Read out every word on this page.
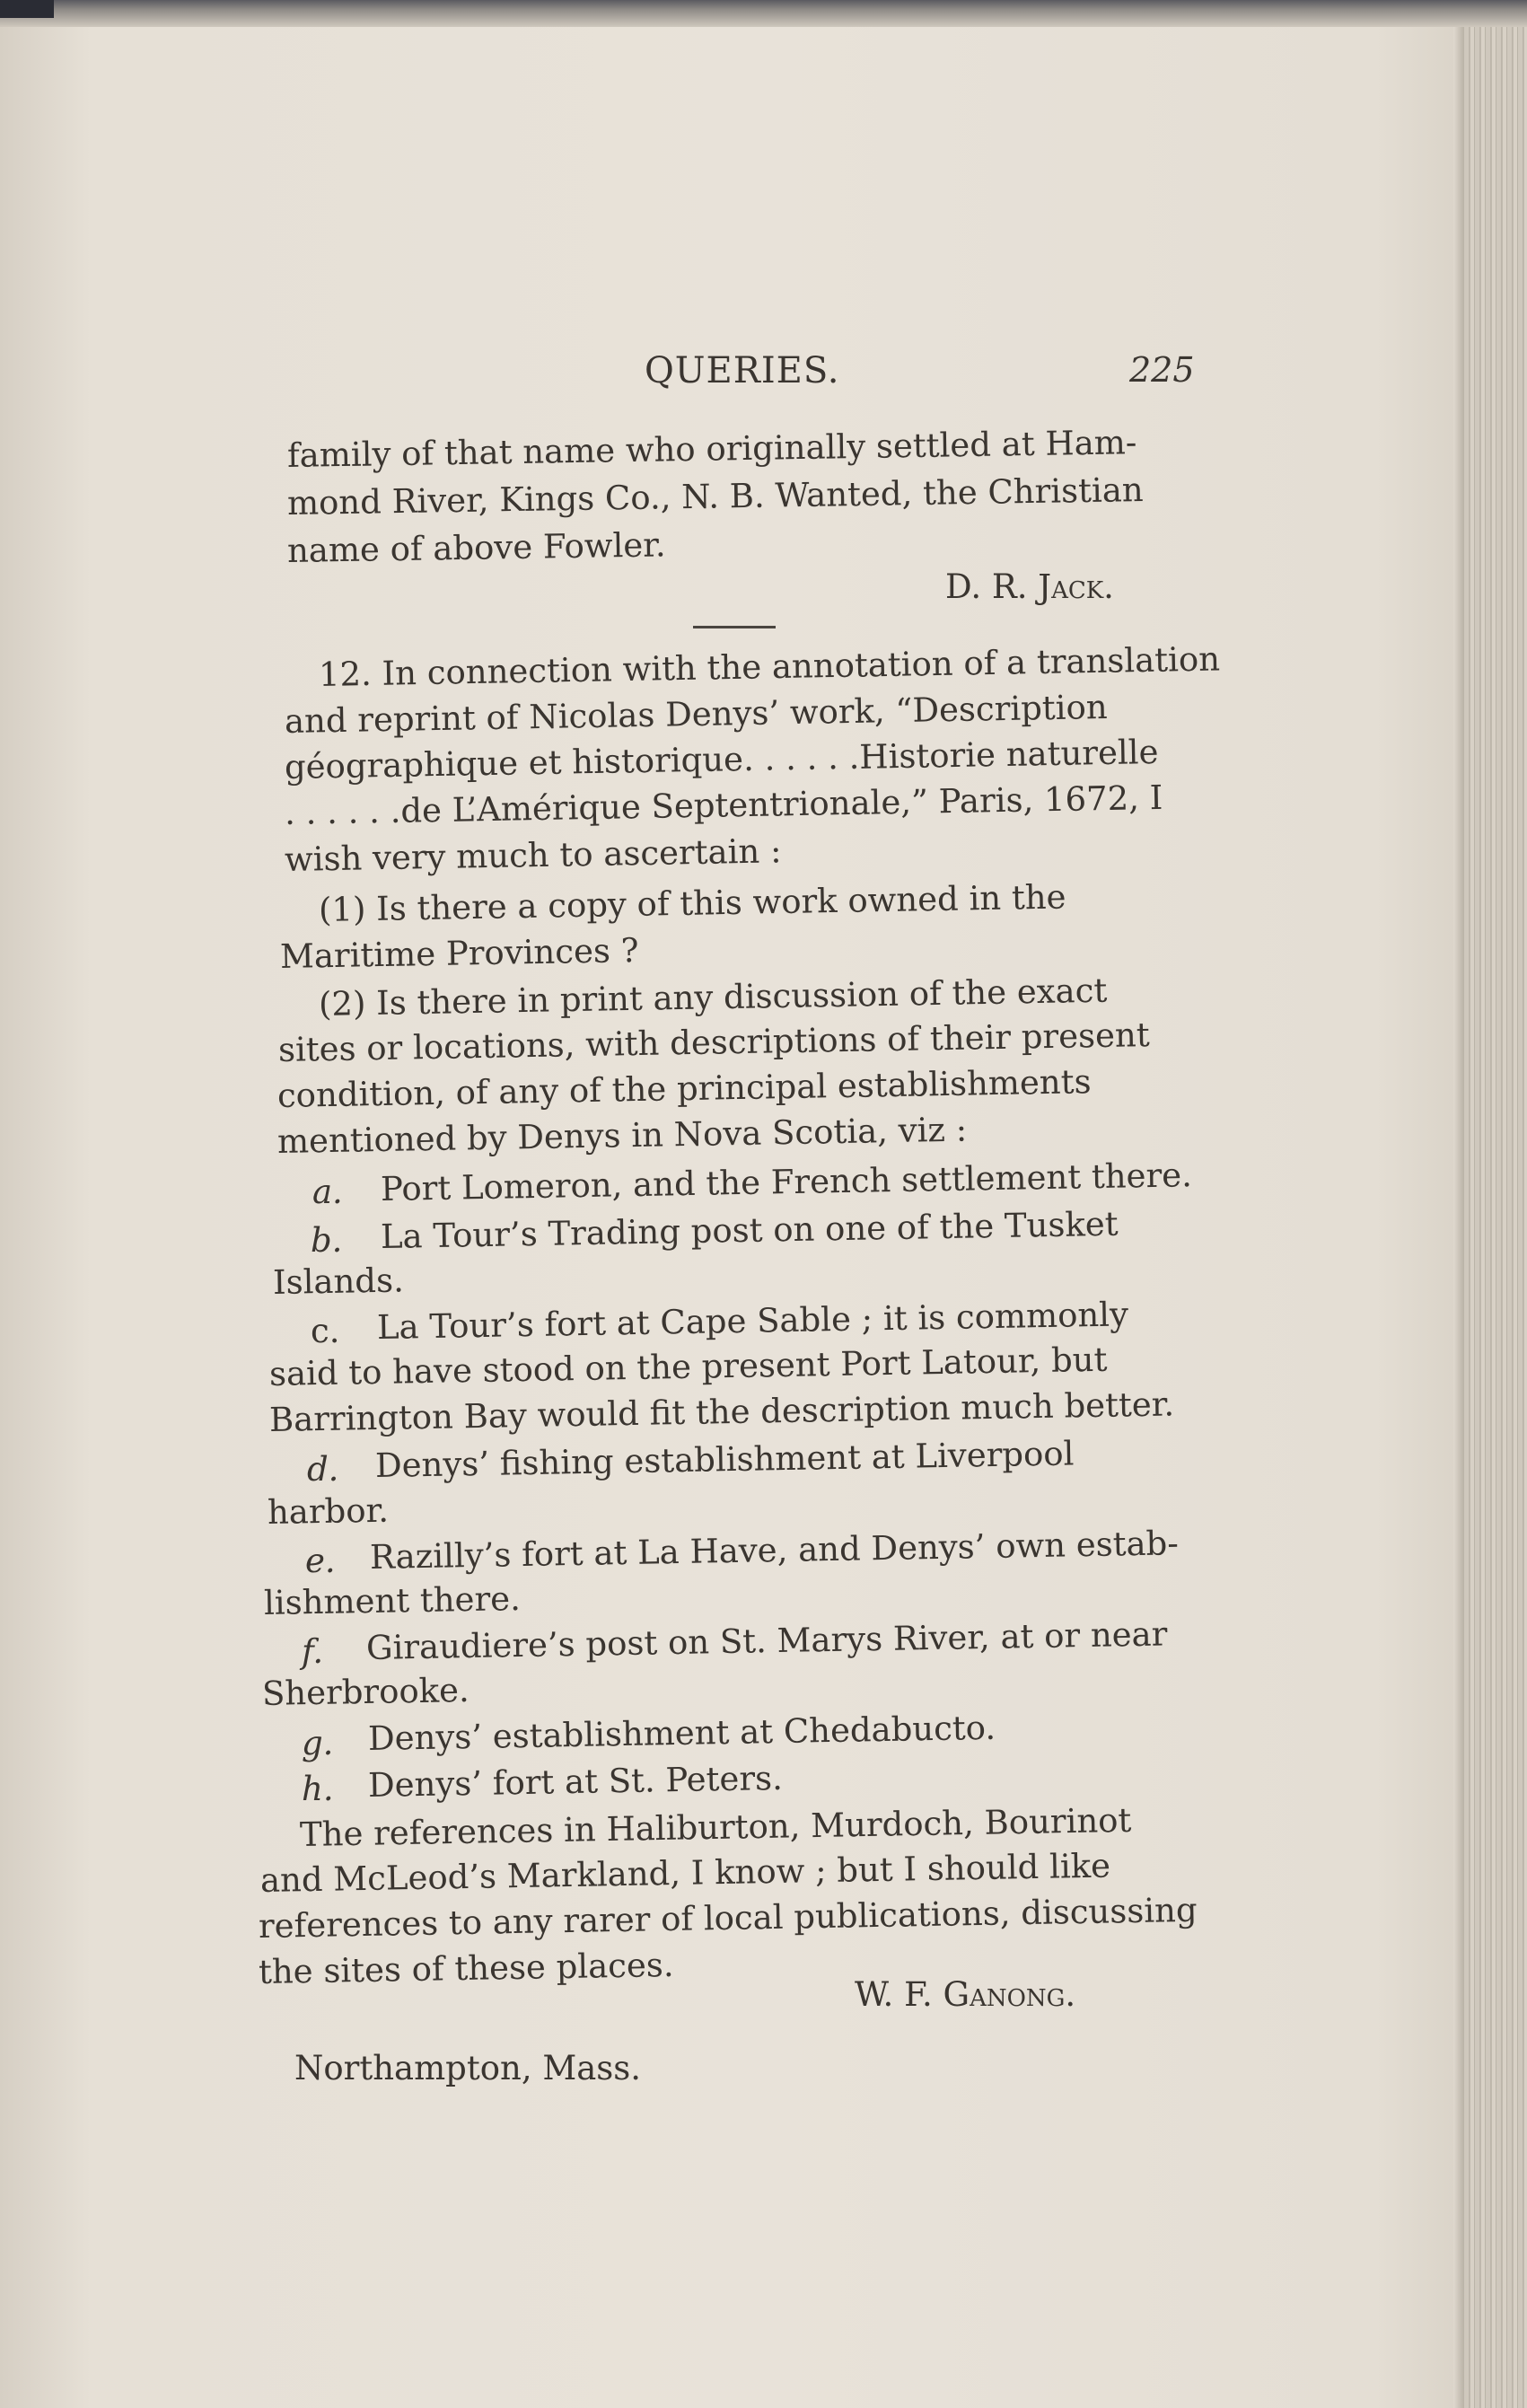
QUERIES.	225
family of that name who originally settled at Ham-
mond River, Kings Co., N. B. Wanted, the Christian
name of above Fowler.
D. R. Jack.
12. In connection with the annotation of a translation
and reprint of Nicolas Denys’ work, “Description
géographique et historique. . . . . .Historie naturelle
. . . . . .de L’Amérique Septentrionale,” Paris, 1672, I
wish very much to ascertain :
(1) Is there a copy of this work owned in the
Maritime Provinces ?
(2) Is there in print any discussion of the exact
sites or locations, with descriptions of their present
condition, of any of the principal establishments
mentioned by Denys in Nova Scotia, viz :
a. Port Lomeron, and the French settlement there.
b. La Tour’s Trading post on one of the Tusket
Islands.
c. La Tour’s fort at Cape Sable ; it is commonly
said to have stood on the present Port Latour, but
Barrington Bay would fit the description much better.
d. Denys’ fishing establishment at Liverpool
harbor.
e. Razilly’s fort at La Have, and Denys’ own estab-
lishment there.
f. Giraudiere’s post on St. Marys River, at or near
Sherbrooke.
g. Denys’ establishment at Chedabucto.
h. Denys’ fort at St. Peters.
The references in Haliburton, Murdoch, Bourinot
and McLeod’s Markland, I know ; but I should like
references to any rarer of local publications, discussing
the sites of these places.
W. F. Ganong.
Northampton, Mass.
